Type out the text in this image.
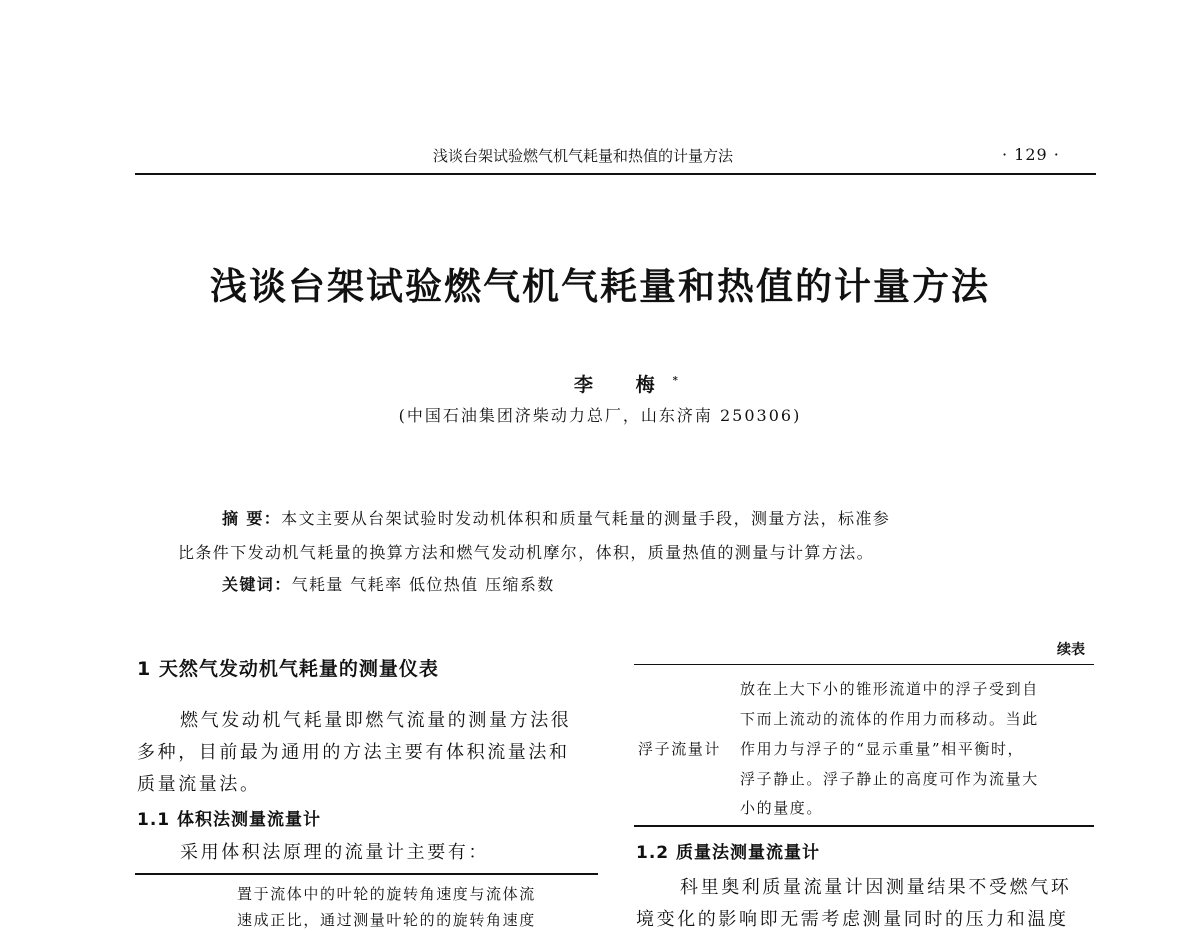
浅谈台架试验燃气机气耗量和热值的计量方法	· 129 ·
浅谈台架试验燃气机气耗量和热值的计量方法
李 梅*
(中国石油集团济柴动力总厂，山东济南 250306)
摘 要：本文主要从台架试验时发动机体积和质量气耗量的测量手段，测量方法，标准参
比条件下发动机气耗量的换算方法和燃气发动机摩尔，体积，质量热值的测量与计算方法。
关键词：气耗量 气耗率 低位热值 压缩系数
1 天然气发动机气耗量的测量仪表
燃气发动机气耗量即燃气流量的测量方法很
多种，目前最为通用的方法主要有体积流量法和
质量流量法。
1.1 体积法测量流量计
采用体积法原理的流量计主要有：
置于流体中的叶轮的旋转角速度与流体流
速成正比，通过测量叶轮的的旋转角速度
续表
放在上大下小的锥形流道中的浮子受到自
下而上流动的流体的作用力而移动。当此
浮子流量计 作用力与浮子的“显示重量”相平衡时，
浮子静止。浮子静止的高度可作为流量大
小的量度。
1.2 质量法测量流量计
科里奥利质量流量计因测量结果不受燃气环
境变化的影响即无需考虑测量同时的压力和温度
